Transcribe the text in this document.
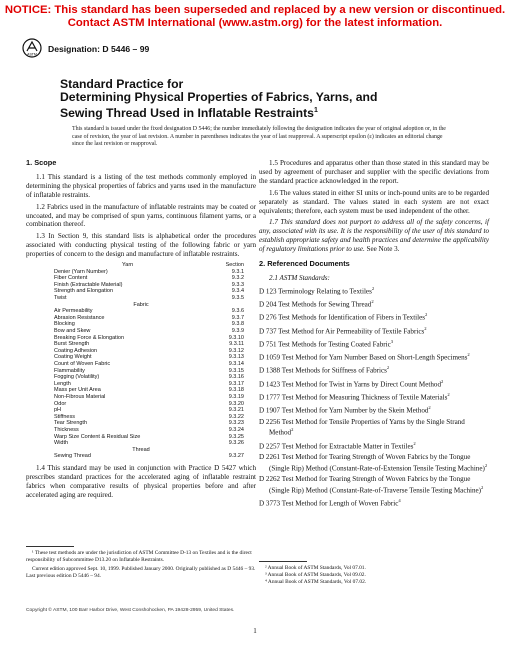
NOTICE: This standard has been superseded and replaced by a new version or discontinued.
Contact ASTM International (www.astm.org) for the latest information.
ASTM
Designation: D 5446 – 99
Standard Practice for
Determining Physical Properties of Fabrics, Yarns, and
Sewing Thread Used in Inflatable Restraints$^1$
This standard is issued under the fixed designation D 5446; the number immediately following the designation indicates the year of original adoption or, in the case of revision, the year of last revision. A number in parentheses indicates the year of last reapproval. A superscript epsilon (ε) indicates an editorial change since the last revision or reapproval.
1. Scope

1.1 This standard is a listing of the test methods commonly employed in determining the physical properties of fabrics and yarns used in the manufacture of inflatable restraints.

1.2 Fabrics used in the manufacture of inflatable restraints may be coated or uncoated, and may be comprised of spun yarns, continuous filament yarns, or a combination thereof.

1.3 In Section 9, this standard lists is alphabetical order the procedures associated with conducting physical testing of the following fabric or yarn properties of concern to the design and manufacture of inflatable restraints.

Yarn	Section
Denier (Yarn Number)	9.3.1
Fiber Content	9.3.2
Finish (Extractable Material)	9.3.3
Strength and Elongation	9.3.4
Twist	9.3.5
Fabric
Air Permeability	9.3.6
Abrasion Resistance	9.3.7
Blocking	9.3.8
Bow and Skew	9.3.9
Breaking Force & Elongation	9.3.10
Burst Strength	9.3.11
Coating Adhesion	9.3.12
Coating Weight	9.3.13
Count of Woven Fabric	9.3.14
Flammability	9.3.15
Fogging (Volatility)	9.3.16
Length	9.3.17
Mass per Unit Area	9.3.18
Non-Fibrous Material	9.3.19
Odor	9.3.20
pH	9.3.21
Stiffness	9.3.22
Tear Strength	9.3.23
Thickness	9.3.24
Warp Size Content & Residual Size	9.3.25
Width	9.3.26
Thread
Sewing Thread	9.3.27

1.4 This standard may be used in conjunction with Practice D 5427 which prescribes standard practices for the accelerated aging of inflatable restraint fabrics when comparative results of physical properties before and after accelerated aging are required.

1.5 Procedures and apparatus other than those stated in this standard may be used by agreement of purchaser and supplier with the specific deviations from the standard practice acknowledged in the report.

1.6 The values stated in either SI units or inch-pound units are to be regarded separately as standard. The values stated in each system are not exact equivalents; therefore, each system must be used independent of the other.

1.7 This standard does not purport to address all of the safety concerns, if any, associated with its use. It is the responsibility of the user of this standard to establish appropriate safety and health practices and determine the applicability of regulatory limitations prior to use. See Note 3.

2. Referenced Documents

2.1 ASTM Standards:

D 123 Terminology Relating to Textiles$^2$
D 204 Test Methods for Sewing Thread$^2$
D 276 Test Methods for Identification of Fibers in Textiles$^2$
D 737 Test Method for Air Permeability of Textile Fabrics$^2$
D 751 Test Methods for Testing Coated Fabric$^3$
D 1059 Test Method for Yarn Number Based on Short-Length Specimens$^2$
D 1388 Test Methods for Stiffness of Fabrics$^2$
D 1423 Test Method for Twist in Yarns by Direct Count Method$^2$
D 1777 Test Method for Measuring Thickness of Textile Materials$^2$
D 1907 Test Method for Yarn Number by the Skein Method$^2$
D 2256 Test Method for Tensile Properties of Yarns by the Single Strand Method$^2$
D 2257 Test Method for Extractable Matter in Textiles$^2$
D 2261 Test Method for Tearing Strength of Woven Fabrics by the Tongue (Single Rip) Method (Constant-Rate-of-Extension Tensile Testing Machine)$^2$
D 2262 Test Method for Tearing Strength of Woven Fabrics by the Tongue (Single Rip) Method (Constant-Rate-of-Traverse Tensile Testing Machine)$^2$
D 3773 Test Method for Length of Woven Fabric$^4$

¹ These test methods are under the jurisdiction of ASTM Committee D-13 on Textiles and is the direct responsibility of Subcommittee D13.20 on Inflatable Restraints.

Current edition approved Sept. 10, 1999. Published January 2000. Originally published as D 5446 – 93. Last previous edition D 5446 – 94.

² Annual Book of ASTM Standards, Vol 07.01.

³ Annual Book of ASTM Standards, Vol 09.02.

⁴ Annual Book of ASTM Standards, Vol 07.02.

Copyright © ASTM, 100 Barr Harbor Drive, West Conshohocken, PA 19428-2959, United States.
1
